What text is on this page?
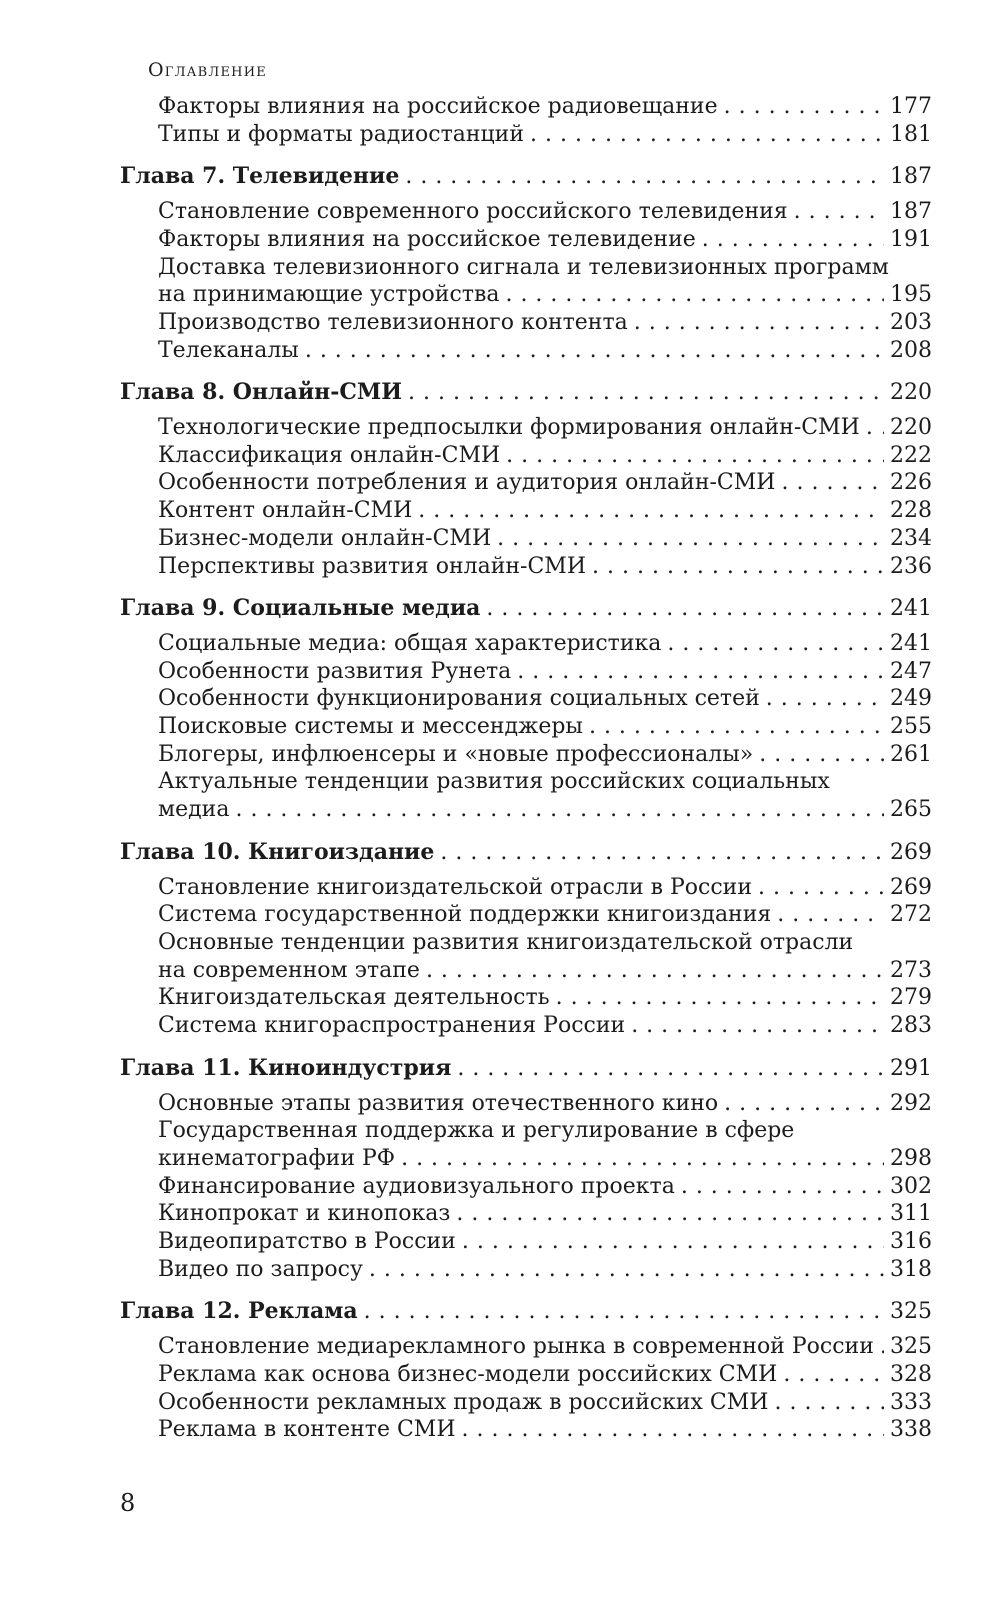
Оглавление
Факторы влияния на российское радиовещание . . .	177
Типы и форматы радиостанций . . .	181
Глава 7. Телевидение . . .	187
Становление современного российского телевидения . . .	187
Факторы влияния на российское телевидение . . .	191
Доставка телевизионного сигнала и телевизионных программ
на принимающие устройства . . .	195
Производство телевизионного контента . . .	203
Телеканалы . . .	208
Глава 8. Онлайн-СМИ . . .	220
Технологические предпосылки формирования онлайн-СМИ . . . 220
Классификация онлайн-СМИ . . .	222
Особенности потребления и аудитория онлайн-СМИ . . .	226
Контент онлайн-СМИ . . .	228
Бизнес-модели онлайн-СМИ . . .	234
Перспективы развития онлайн-СМИ . . .	236
Глава 9. Социальные медиа . . .	241
Социальные медиа: общая характеристика . . .	241
Особенности развития Рунета . . .	247
Особенности функционирования социальных сетей . . .	249
Поисковые системы и мессенджеры . . .	255
Блогеры, инфлюенсеры и «новые профессионалы» . . .	261
Актуальные тенденции развития российских социальных
медиа . . .	265
Глава 10. Книгоиздание . . .	269
Становление книгоиздательской отрасли в России . . .	269
Система государственной поддержки книгоиздания . . .	272
Основные тенденции развития книгоиздательской отрасли
на современном этапе . . .	273
Книгоиздательская деятельность . . .	279
Система книгораспространения России . . .	283
Глава 11. Киноиндустрия . . .	291
Основные этапы развития отечественного кино . . .	292
Государственная поддержка и регулирование в сфере
кинематографии РФ . . .	298
Финансирование аудиовизуального проекта . . .	302
Кинопрокат и кинопоказ . . .	311
Видеопиратство в России . . .	316
Видео по запросу . . .	318
Глава 12. Реклама . . .	325
Становление медиарекламного рынка в современной России . . . 325
Реклама как основа бизнес-модели российских СМИ . . .	328
Особенности рекламных продаж в российских СМИ . . .	333
Реклама в контенте СМИ . . .	338
8
